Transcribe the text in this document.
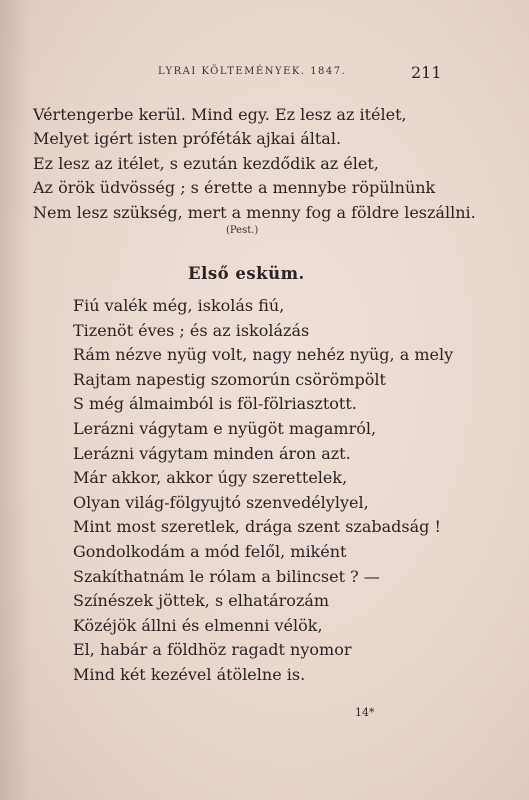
LYRAI KÖLTEMÉNYEK. 1847.	211
Vértengerbe kerül. Mind egy. Ez lesz az itélet,
Melyet igért isten próféták ajkai által.
Ez lesz az itélet, s ezután kezdődik az élet,
Az örök üdvösség ; s érette a mennybe röpülnünk
Nem lesz szükség, mert a menny fog a földre leszállni.
(Pest.)
Első esküm.
Fiú valék még, iskolás fiú,
Tizenöt éves ; és az iskolázás
Rám nézve nyüg volt, nagy nehéz nyüg, a mely
Rajtam napestig szomorún csörömpölt
S még álmaimból is föl-fölriasztott.
Lerázni vágytam e nyügöt magamról,
Lerázni vágytam minden áron azt.
Már akkor, akkor úgy szerettelek,
Olyan világ-fölgyujtó szenvedélylyel,
Mint most szeretlek, drága szent szabadság !
Gondolkodám a mód felől, miként
Szakíthatnám le rólam a bilincset ? —
Színészek jöttek, s elhatározám
Közéjök állni és elmenni vélök,
El, habár a földhöz ragadt nyomor
Mind két kezével átölelne is.
14*
